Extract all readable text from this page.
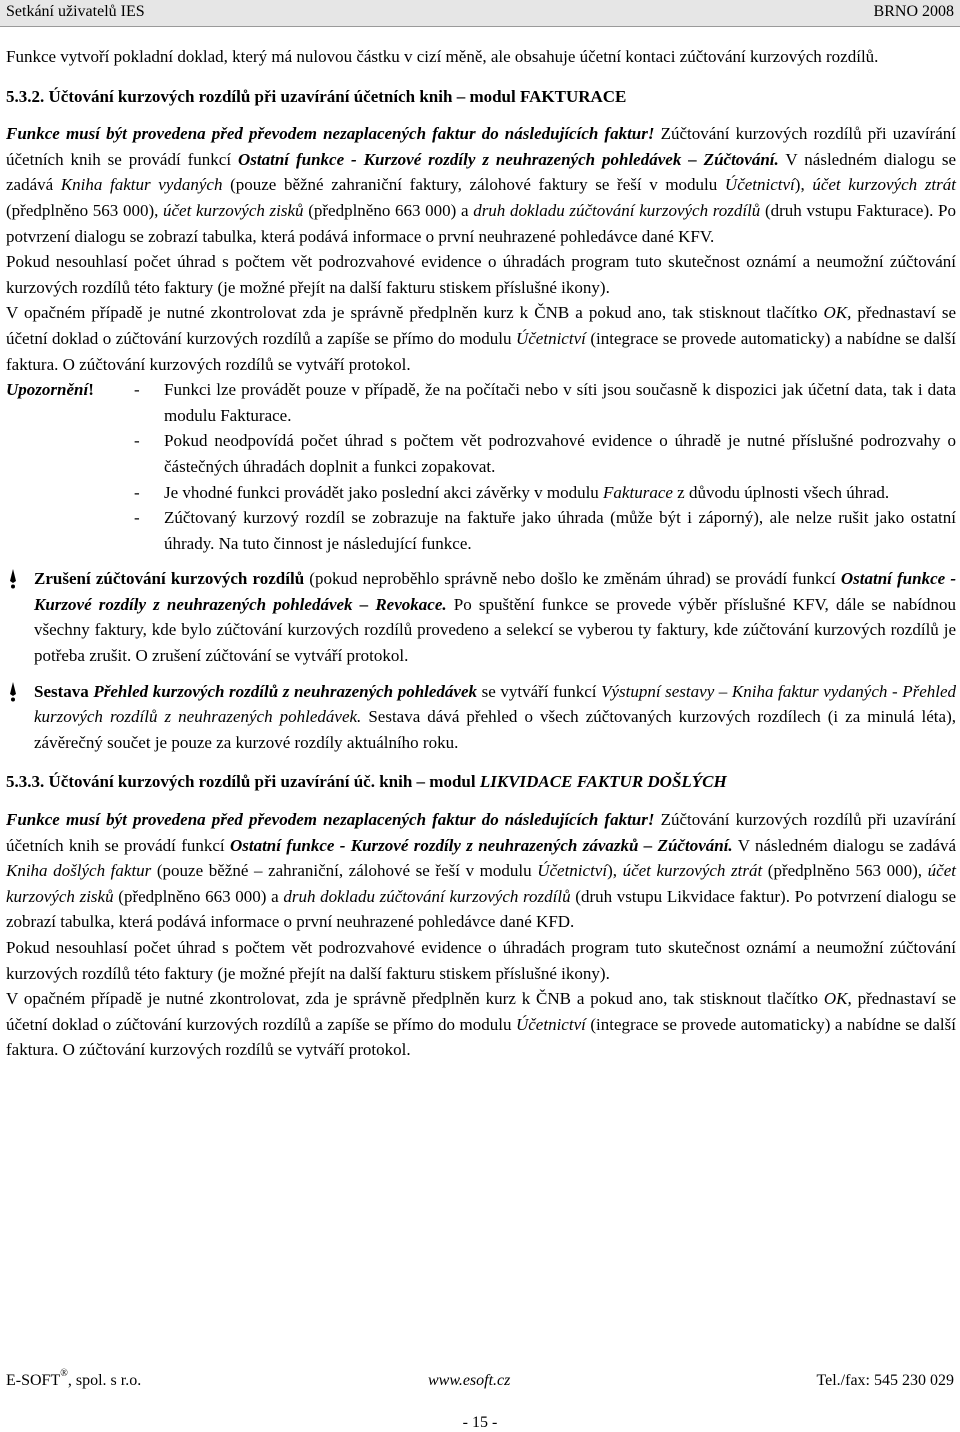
Setkání uživatelů IES	BRNO 2008

Funkce vytvoří pokladní doklad, který má nulovou částku v cizí měně, ale obsahuje účetní kontaci zúčtování kurzových rozdílů.

5.3.2. Účtování kurzových rozdílů při uzavírání účetních knih – modul FAKTURACE

Funkce musí být provedena před převodem nezaplacených faktur do následujících faktur! Zúčtování kurzových rozdílů při uzavírání účetních knih se provádí funkcí Ostatní funkce - Kurzové rozdíly z neuhrazených pohledávek – Zúčtování. V následném dialogu se zadává Kniha faktur vydaných (pouze běžné zahraniční faktury, zálohové faktury se řeší v modulu Účetnictví), účet kurzových ztrát (předplněno 563 000), účet kurzových zisků (předplněno 663 000) a druh dokladu zúčtování kurzových rozdílů (druh vstupu Fakturace). Po potvrzení dialogu se zobrazí tabulka, která podává informace o první neuhrazené pohledávce dané KFV.

Pokud nesouhlasí počet úhrad s počtem vět podrozvahové evidence o úhradách program tuto skutečnost oznámí a neumožní zúčtování kurzových rozdílů této faktury (je možné přejít na další fakturu stiskem příslušné ikony).

V opačném případě je nutné zkontrolovat zda je správně předplněn kurz k ČNB a pokud ano, tak stisknout tlačítko OK, přednastaví se účetní doklad o zúčtování kurzových rozdílů a zapíše se přímo do modulu Účetnictví (integrace se provede automaticky) a nabídne se další faktura. O zúčtování kurzových rozdílů se vytváří protokol.

Upozornění! - Funkci lze provádět pouze v případě, že na počítači nebo v síti jsou současně k dispozici jak účetní data, tak i data modulu Fakturace.
- Pokud neodpovídá počet úhrad s počtem vět podrozvahové evidence o úhradě je nutné příslušné podrozvahy o částečných úhradách doplnit a funkci zopakovat.
- Je vhodné funkci provádět jako poslední akci závěrky v modulu Fakturace z důvodu úplnosti všech úhrad.
- Zúčtovaný kurzový rozdíl se zobrazuje na faktuře jako úhrada (může být i záporný), ale nelze rušit jako ostatní úhrady. Na tuto činnost je následující funkce.
Zrušení zúčtování kurzových rozdílů (pokud neproběhlo správně nebo došlo ke změnám úhrad) se provádí funkcí Ostatní funkce - Kurzové rozdíly z neuhrazených pohledávek – Revokace. Po spuštění funkce se provede výběr příslušné KFV, dále se nabídnou všechny faktury, kde bylo zúčtování kurzových rozdílů provedeno a selekcí se vyberou ty faktury, kde zúčtování kurzových rozdílů je potřeba zrušit. O zrušení zúčtování se vytváří protokol.
Sestava Přehled kurzových rozdílů z neuhrazených pohledávek se vytváří funkcí Výstupní sestavy – Kniha faktur vydaných - Přehled kurzových rozdílů z neuhrazených pohledávek. Sestava dává přehled o všech zúčtovaných kurzových rozdílech (i za minulá léta), závěrečný součet je pouze za kurzové rozdíly aktuálního roku.

5.3.3. Účtování kurzových rozdílů při uzavírání úč. knih – modul LIKVIDACE FAKTUR DOŠLÝCH

Funkce musí být provedena před převodem nezaplacených faktur do následujících faktur! Zúčtování kurzových rozdílů při uzavírání účetních knih se provádí funkcí Ostatní funkce - Kurzové rozdíly z neuhrazených závazků – Zúčtování. V následném dialogu se zadává Kniha došlých faktur (pouze běžné – zahraniční, zálohové se řeší v modulu Účetnictví), účet kurzových ztrát (předplněno 563 000), účet kurzových zisků (předplněno 663 000) a druh dokladu zúčtování kurzových rozdílů (druh vstupu Likvidace faktur). Po potvrzení dialogu se zobrazí tabulka, která podává informace o první neuhrazené pohledávce dané KFD.

Pokud nesouhlasí počet úhrad s počtem vět podrozvahové evidence o úhradách program tuto skutečnost oznámí a neumožní zúčtování kurzových rozdílů této faktury (je možné přejít na další fakturu stiskem příslušné ikony).

V opačném případě je nutné zkontrolovat, zda je správně předplněn kurz k ČNB a pokud ano, tak stisknout tlačítko OK, přednastaví se účetní doklad o zúčtování kurzových rozdílů a zapíše se přímo do modulu Účetnictví (integrace se provede automaticky) a nabídne se další faktura. O zúčtování kurzových rozdílů se vytváří protokol.

E-SOFT®, spol. s r.o.	www.esoft.cz	Tel./fax: 545 230 029
- 15 -
